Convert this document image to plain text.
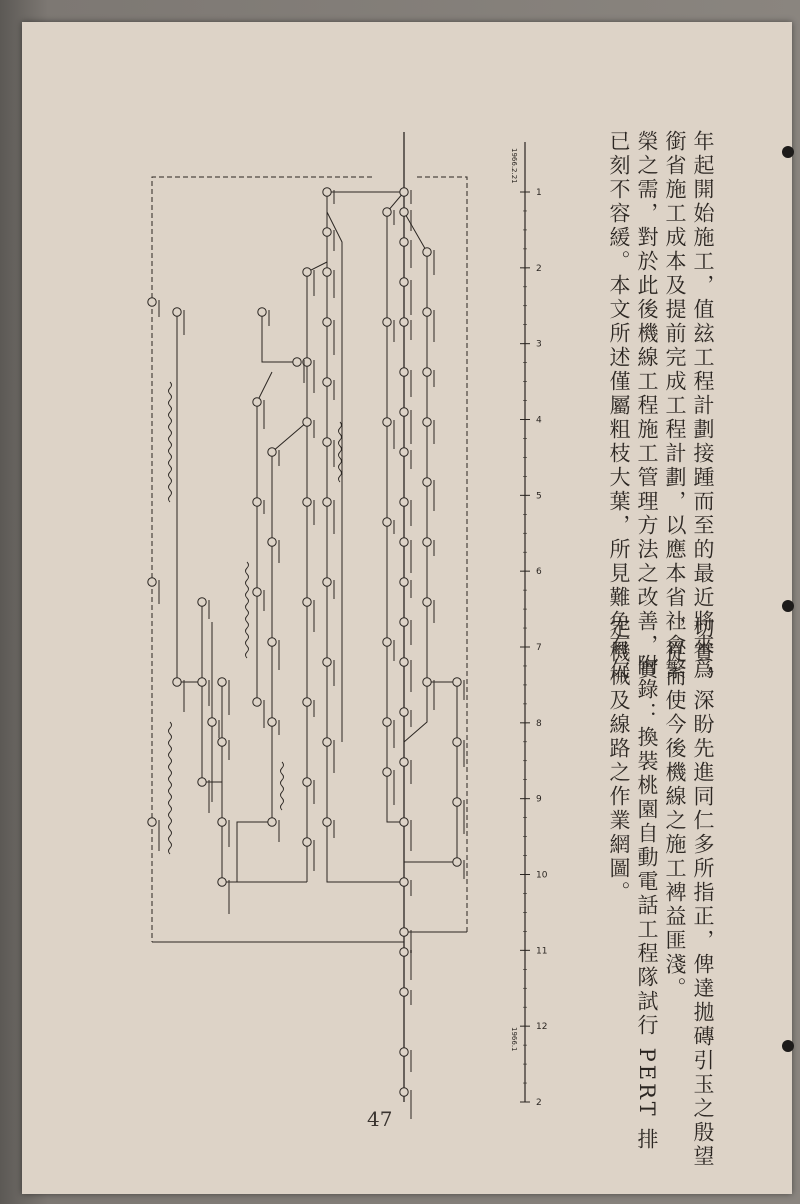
年起開始施工，值玆工程計劃接踵而至的最近將來爲
銜省施工成本及提前完成工程計劃，以應本省社會繁
榮之需，對於此後機線工程施工管理方法之改善，實
已刻不容緩。本文所述僅屬粗枝大葉，所見難免有欠
切實，深盼先進同仁多所指正，俾達拋磚引玉之殷望
，從而使今後機線之施工裨益匪淺。
附錄：換裝桃園自動電話工程隊試行 PERT 排
定機械及線路之作業網圖。
1
2
3
4
5
6
7
8
9
10
11
12
2
1966.2.21
1966.1
47
